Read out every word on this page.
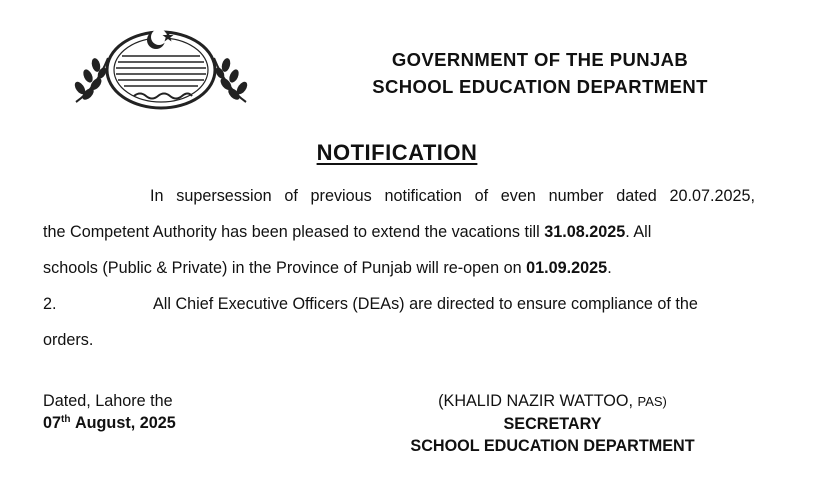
GOVERNMENT OF THE PUNJAB
SCHOOL EDUCATION DEPARTMENT
NOTIFICATION
In supersession of previous notification of even number dated 20.07.2025,
the Competent Authority has been pleased to extend the vacations till 31.08.2025. All
schools (Public & Private) in the Province of Punjab will re-open on 01.09.2025.
2.	All Chief Executive Officers (DEAs) are directed to ensure compliance of the
orders.
Dated, Lahore the
07th August, 2025
(KHALID NAZIR WATTOO, PAS)
SECRETARY
SCHOOL EDUCATION DEPARTMENT
